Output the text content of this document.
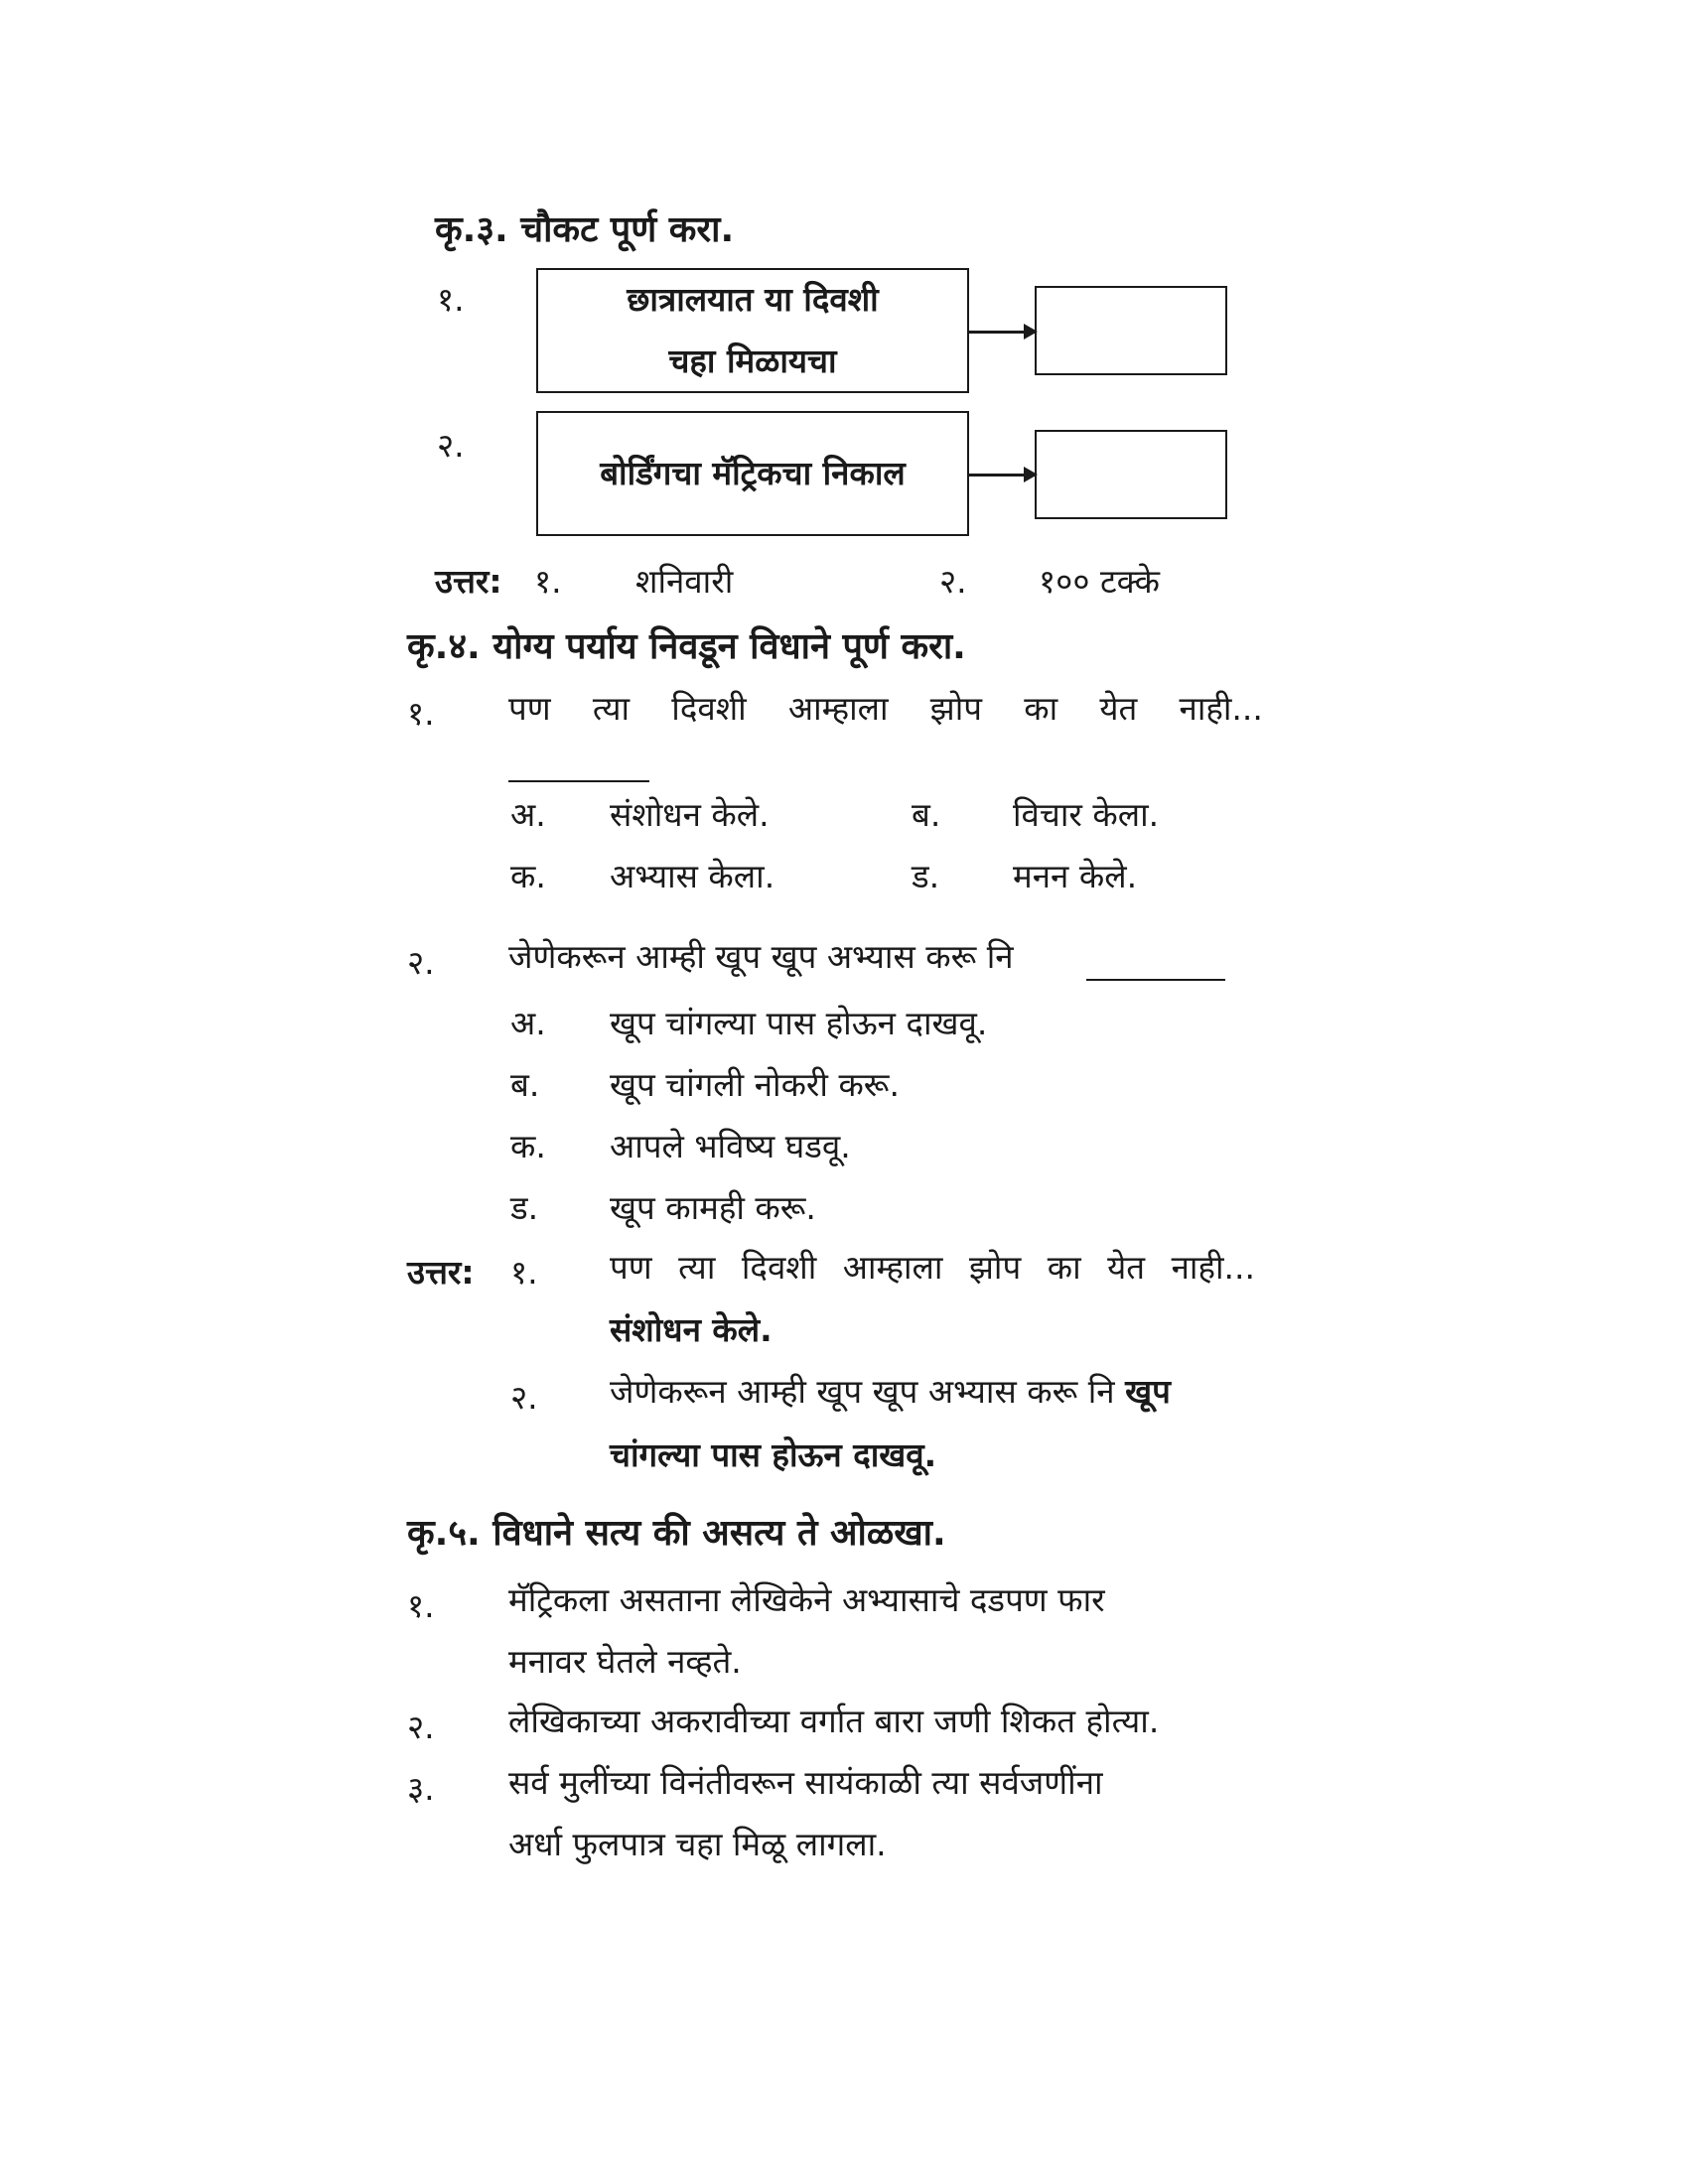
कृ.३. चौकट पूर्ण करा.
१.	छात्रालयात या दिवशी
चहा मिळायचा
२.
बोर्डिंगचा मॅट्रिकचा निकाल
उत्तर: १. शनिवारी	२. १०० टक्के
कृ.४. योग्य पर्याय निवडून विधाने पूर्ण करा.
१. पण त्या दिवशी आम्हाला झोप का येत नाही...
अ. संशोधन केले.	ब. विचार केला.
क. अभ्यास केला.	ड. मनन केले.
२. जेणेकरून आम्ही खूप खूप अभ्यास करू नि
अ. खूप चांगल्या पास होऊन दाखवू.
ब. खूप चांगली नोकरी करू.
क. आपले भविष्य घडवू.
ड. खूप कामही करू.
उत्तर: १. पण त्या दिवशी आम्हाला झोप का येत नाही...
संशोधन केले.
२. जेणेकरून आम्ही खूप खूप अभ्यास करू नि खूप
चांगल्या पास होऊन दाखवू.
कृ.५. विधाने सत्य की असत्य ते ओळखा.
१. मॅट्रिकला असताना लेखिकेने अभ्यासाचे दडपण फार
मनावर घेतले नव्हते.
२. लेखिकाच्या अकरावीच्या वर्गात बारा जणी शिकत होत्या.
३. सर्व मुलींच्या विनंतीवरून सायंकाळी त्या सर्वजणींना
अर्धा फुलपात्र चहा मिळू लागला.
